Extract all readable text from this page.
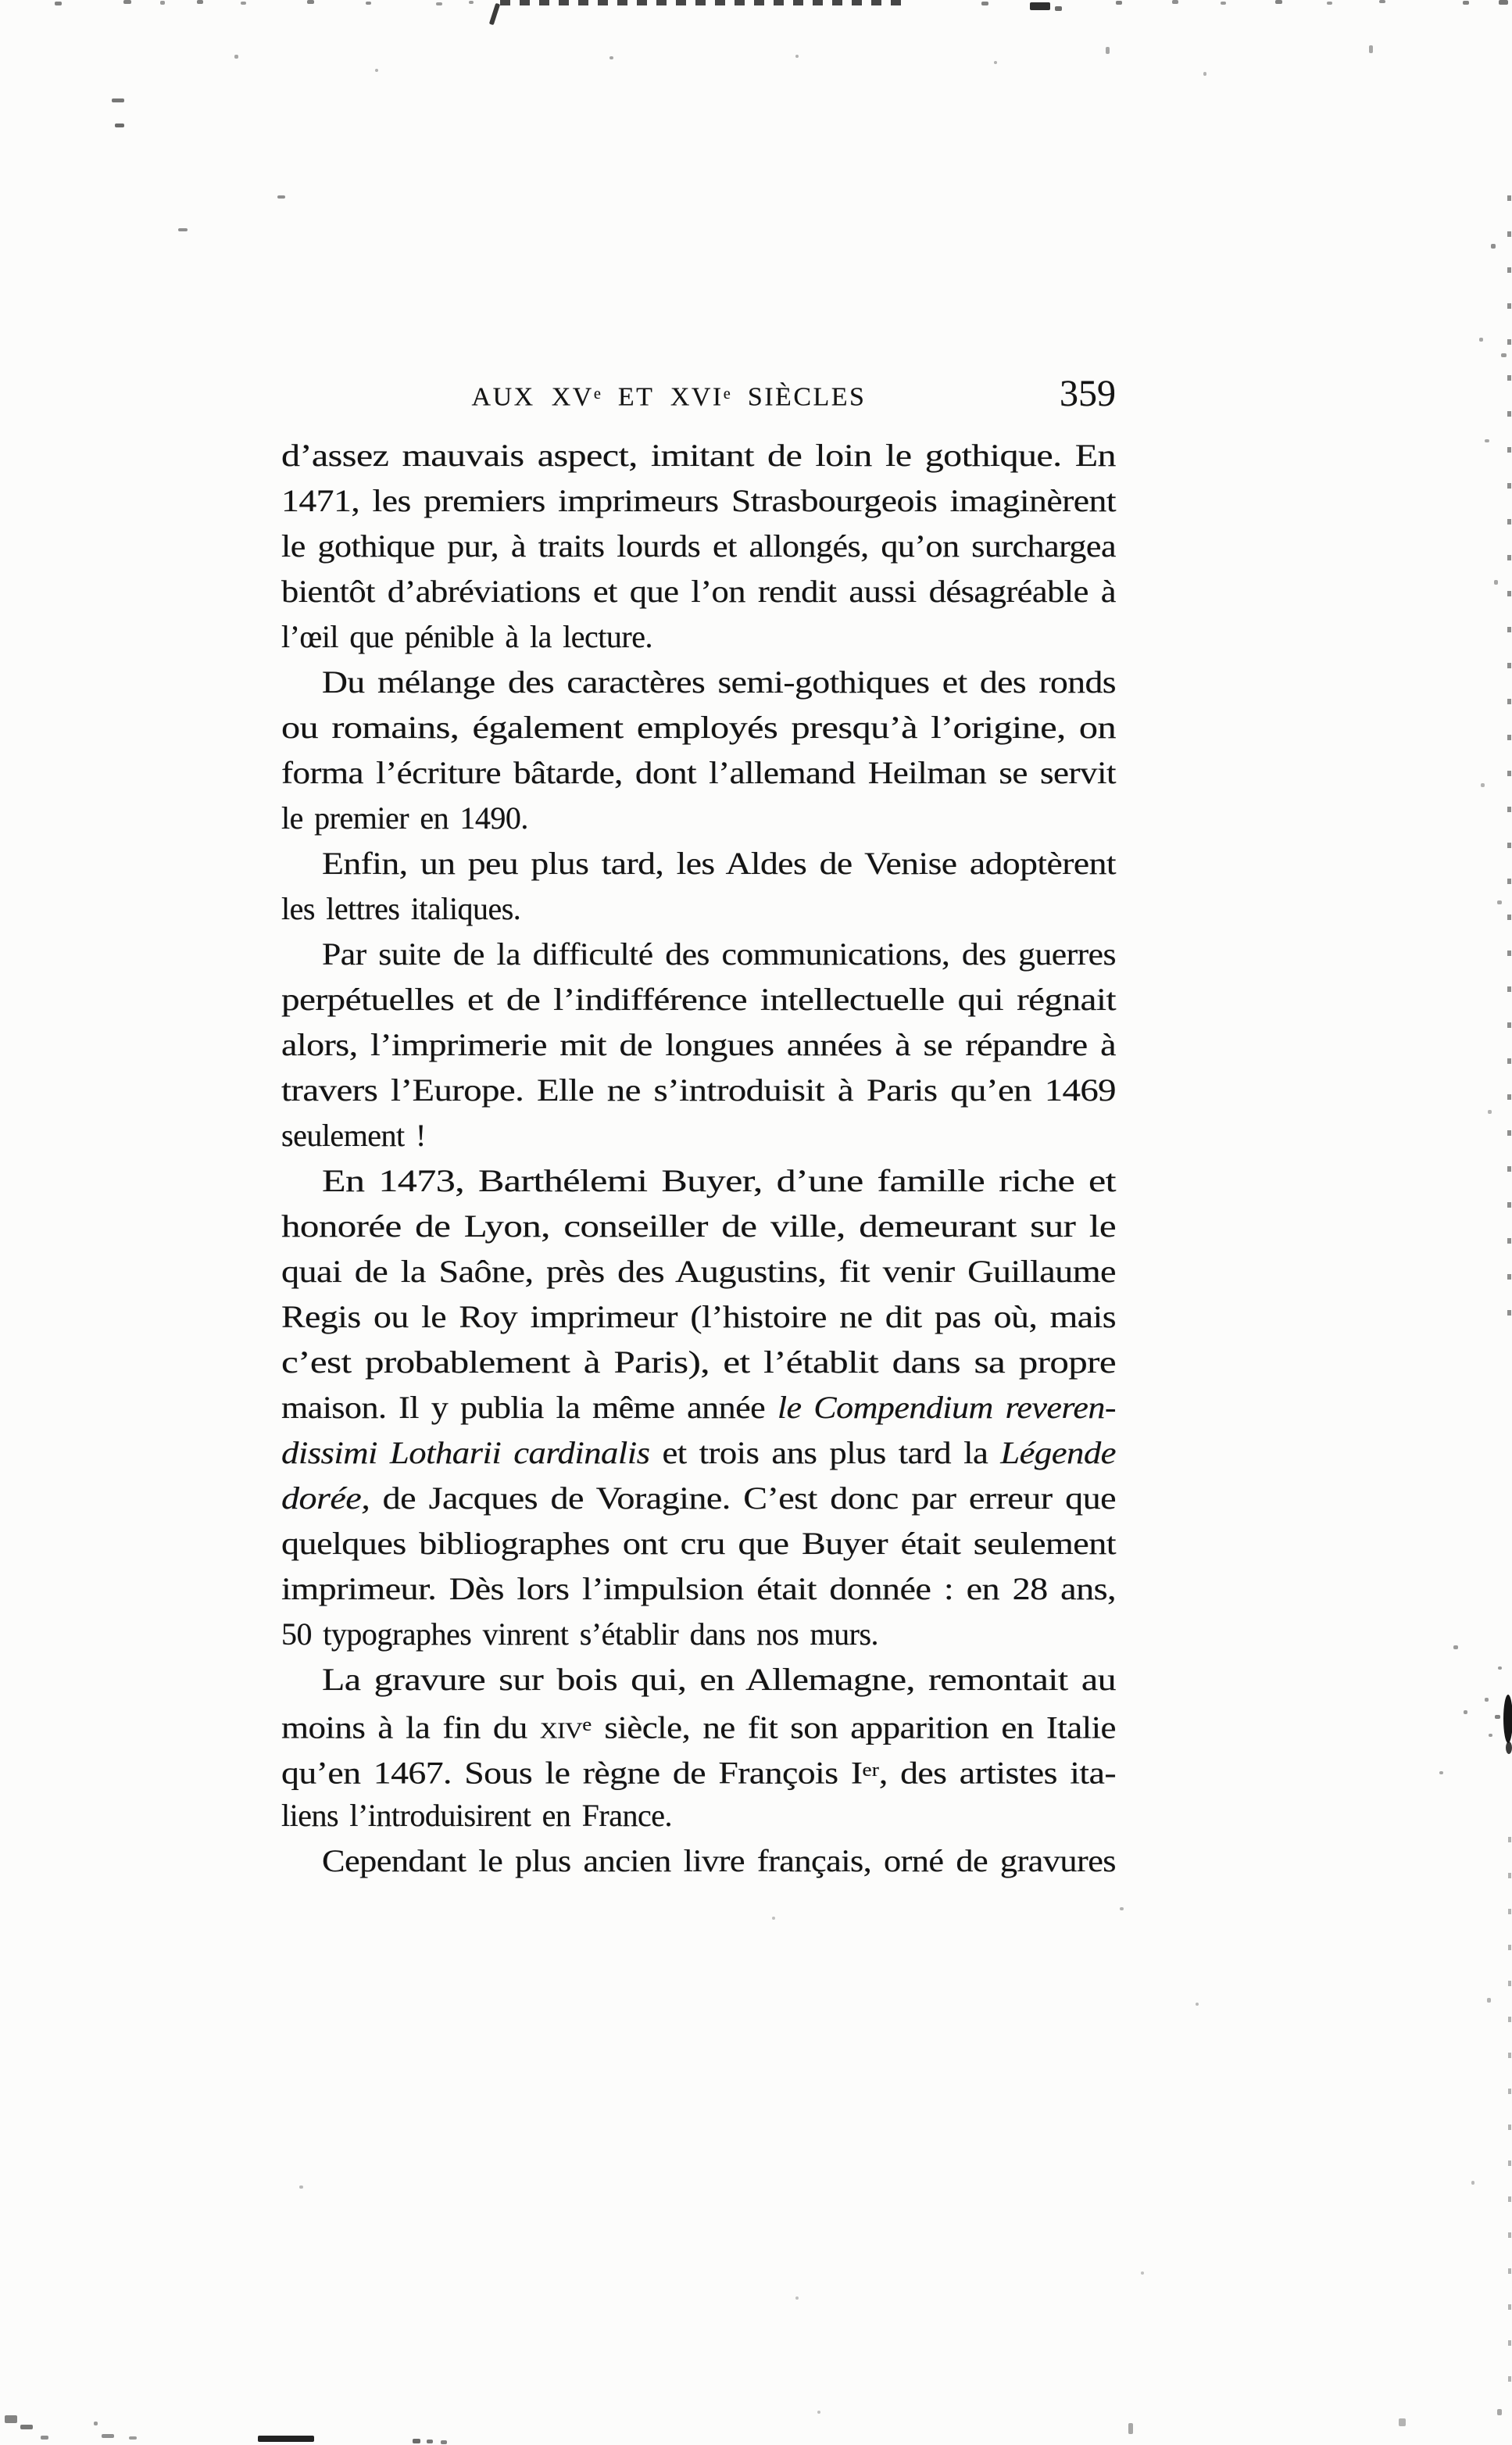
AUX XVe ET XVIe SIÈCLES	359
d’assez mauvais aspect, imitant de loin le gothique. En
1471, les premiers imprimeurs Strasbourgeois imaginèrent
le gothique pur, à traits lourds et allongés, qu’on surchargea
bientôt d’abréviations et que l’on rendit aussi désagréable à
l’œil que pénible à la lecture.
Du mélange des caractères semi-gothiques et des ronds
ou romains, également employés presqu’à l’origine, on
forma l’écriture bâtarde, dont l’allemand Heilman se servit
le premier en 1490.
Enfin, un peu plus tard, les Aldes de Venise adoptèrent
les lettres italiques.
Par suite de la difficulté des communications, des guerres
perpétuelles et de l’indifférence intellectuelle qui régnait
alors, l’imprimerie mit de longues années à se répandre à
travers l’Europe. Elle ne s’introduisit à Paris qu’en 1469
seulement !
En 1473, Barthélemi Buyer, d’une famille riche et
honorée de Lyon, conseiller de ville, demeurant sur le
quai de la Saône, près des Augustins, fit venir Guillaume
Regis ou le Roy imprimeur (l’histoire ne dit pas où, mais
c’est probablement à Paris), et l’établit dans sa propre
maison. Il y publia la même année le Compendium reveren-
dissimi Lotharii cardinalis et trois ans plus tard la Légende
dorée, de Jacques de Voragine. C’est donc par erreur que
quelques bibliographes ont cru que Buyer était seulement
imprimeur. Dès lors l’impulsion était donnée : en 28 ans,
50 typographes vinrent s’établir dans nos murs.
La gravure sur bois qui, en Allemagne, remontait au
moins à la fin du xiv$^e$ siècle, ne fit son apparition en Italie
qu’en 1467. Sous le règne de François Ier, des artistes ita-
liens l’introduisirent en France.
Cependant le plus ancien livre français, orné de gravures
